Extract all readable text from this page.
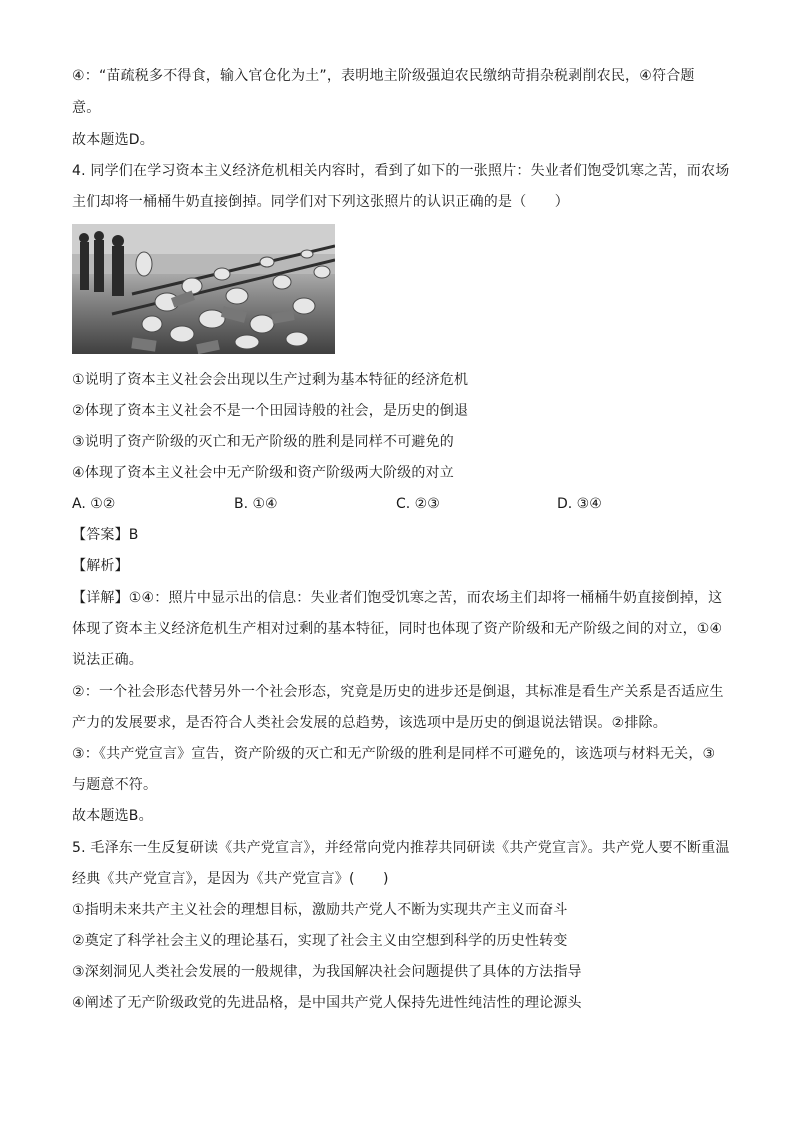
④：“苗疏税多不得食，输入官仓化为土”，表明地主阶级强迫农民缴纳苛捐杂税剥削农民，④符合题
意。
故本题选D。
4. 同学们在学习资本主义经济危机相关内容时，看到了如下的一张照片：失业者们饱受饥寒之苦，而农场
主们却将一桶桶牛奶直接倒掉。同学们对下列这张照片的认识正确的是（　　）
①说明了资本主义社会会出现以生产过剩为基本特征的经济危机
②体现了资本主义社会不是一个田园诗般的社会，是历史的倒退
③说明了资产阶级的灭亡和无产阶级的胜利是同样不可避免的
④体现了资本主义社会中无产阶级和资产阶级两大阶级的对立
A. ①②	B. ①④	C. ②③	D. ③④
【答案】B
【解析】
【详解】①④：照片中显示出的信息：失业者们饱受饥寒之苦，而农场主们却将一桶桶牛奶直接倒掉，这
体现了资本主义经济危机生产相对过剩的基本特征，同时也体现了资产阶级和无产阶级之间的对立，①④
说法正确。
②：一个社会形态代替另外一个社会形态，究竟是历史的进步还是倒退，其标准是看生产关系是否适应生
产力的发展要求，是否符合人类社会发展的总趋势，该选项中是历史的倒退说法错误。②排除。
③：《共产党宣言》宣告，资产阶级的灭亡和无产阶级的胜利是同样不可避免的，该选项与材料无关，③
与题意不符。
故本题选B。
5. 毛泽东一生反复研读《共产党宣言》，并经常向党内推荐共同研读《共产党宣言》。共产党人要不断重温
经典《共产党宣言》，是因为《共产党宣言》(　　)
①指明未来共产主义社会的理想目标，激励共产党人不断为实现共产主义而奋斗
②奠定了科学社会主义的理论基石，实现了社会主义由空想到科学的历史性转变
③深刻洞见人类社会发展的一般规律，为我国解决社会问题提供了具体的方法指导
④阐述了无产阶级政党的先进品格，是中国共产党人保持先进性纯洁性的理论源头
